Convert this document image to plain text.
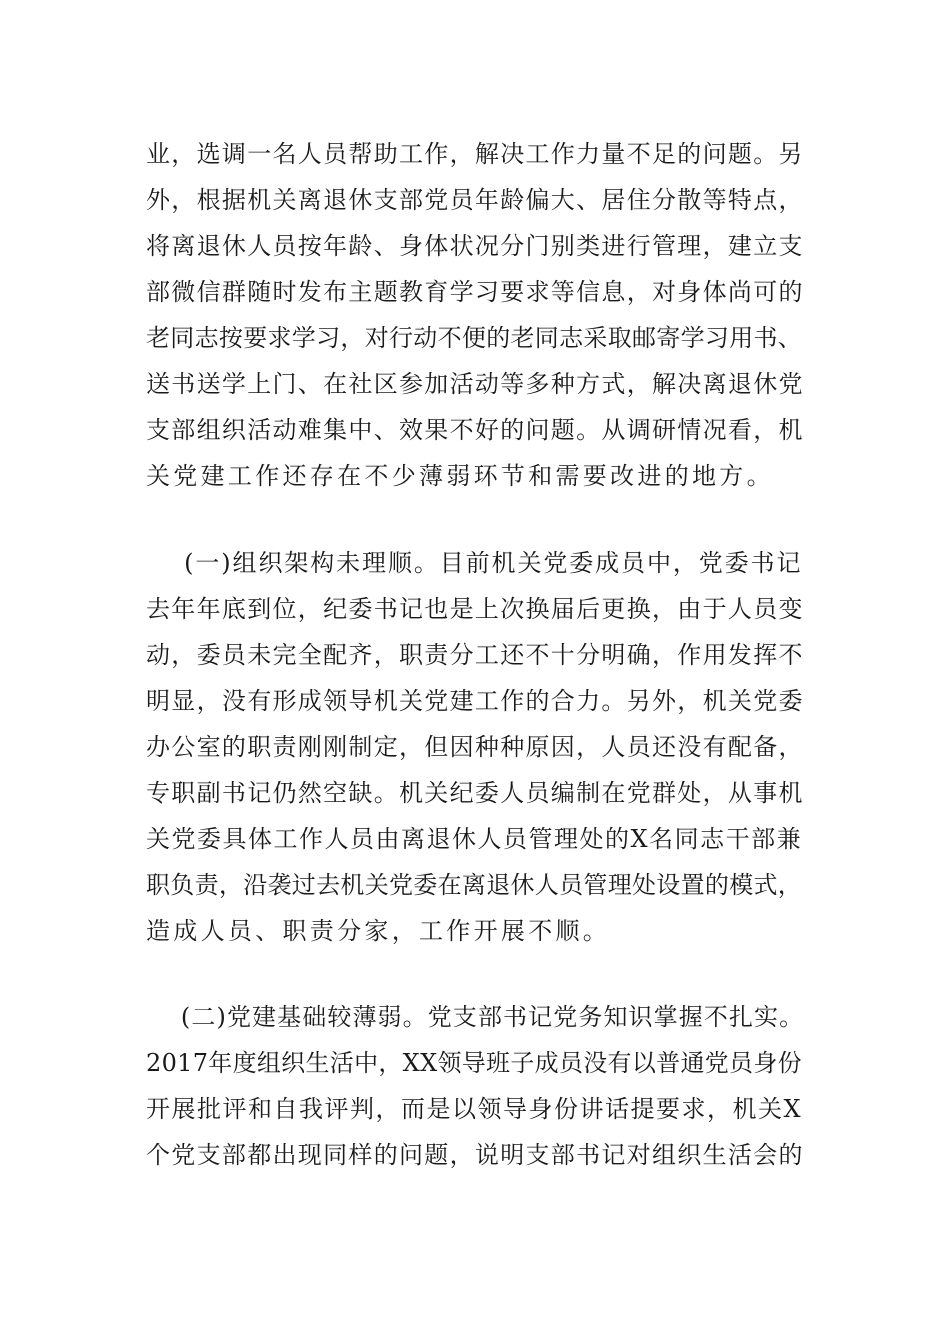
业，选调一名人员帮助工作，解决工作力量不足的问题。另
外，根据机关离退休支部党员年龄偏大、居住分散等特点，
将离退休人员按年龄、身体状况分门别类进行管理，建立支
部微信群随时发布主题教育学习要求等信息，对身体尚可的
老同志按要求学习，对行动不便的老同志采取邮寄学习用书、
送书送学上门、在社区参加活动等多种方式，解决离退休党
支部组织活动难集中、效果不好的问题。从调研情况看，机
关党建工作还存在不少薄弱环节和需要改进的地方。
(一)组织架构未理顺。目前机关党委成员中，党委书记
去年年底到位，纪委书记也是上次换届后更换，由于人员变
动，委员未完全配齐，职责分工还不十分明确，作用发挥不
明显，没有形成领导机关党建工作的合力。另外，机关党委
办公室的职责刚刚制定，但因种种原因，人员还没有配备，
专职副书记仍然空缺。机关纪委人员编制在党群处，从事机
关党委具体工作人员由离退休人员管理处的X名同志干部兼
职负责，沿袭过去机关党委在离退休人员管理处设置的模式，
造成人员、职责分家，工作开展不顺。
(二)党建基础较薄弱。党支部书记党务知识掌握不扎实。
2017年度组织生活中，XX领导班子成员没有以普通党员身份
开展批评和自我评判，而是以领导身份讲话提要求，机关X
个党支部都出现同样的问题，说明支部书记对组织生活会的
